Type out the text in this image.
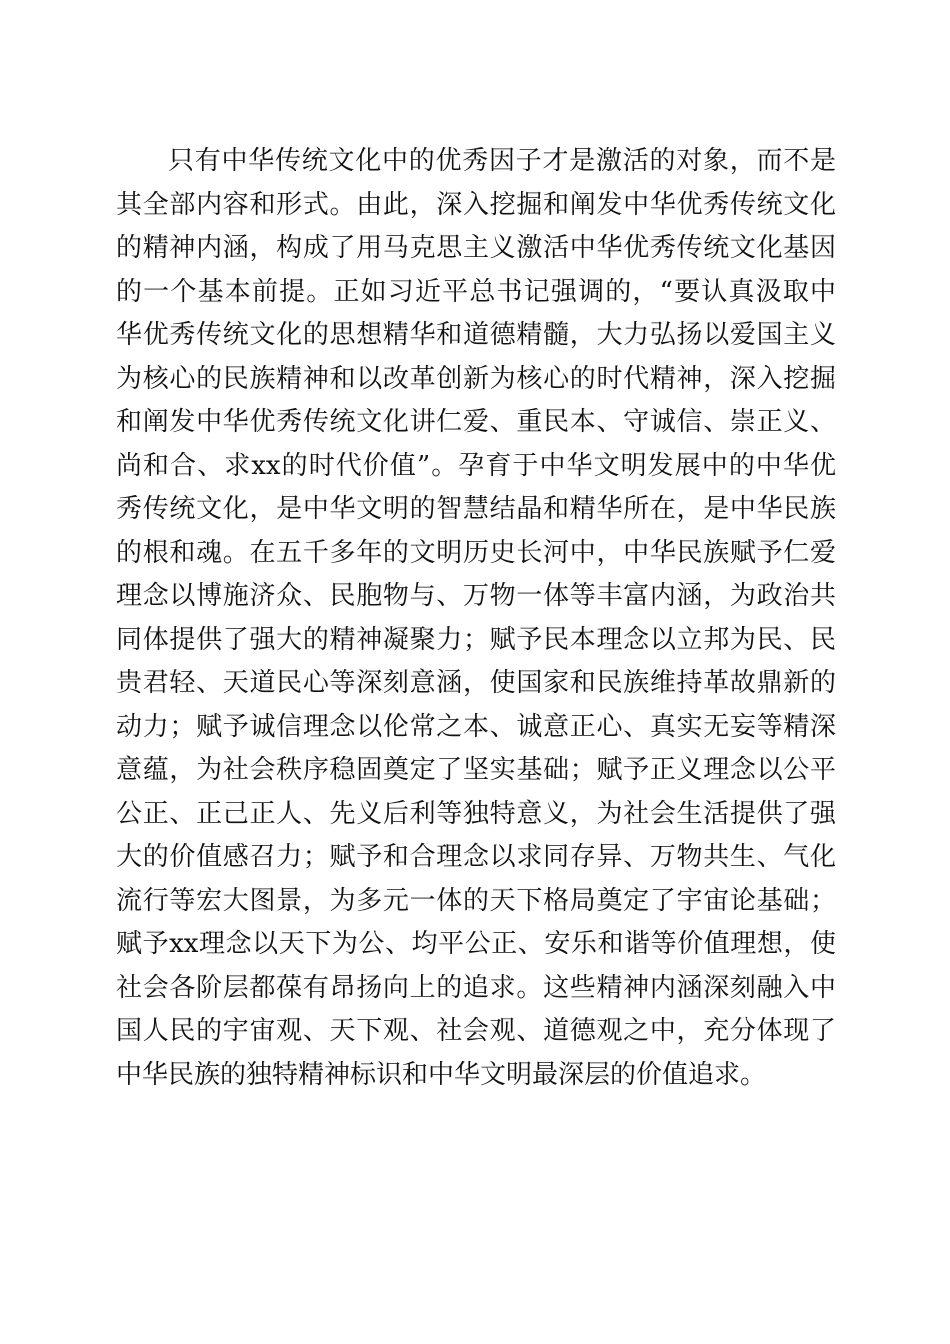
只有中华传统文化中的优秀因子才是激活的对象，而不是
其全部内容和形式。由此，深入挖掘和阐发中华优秀传统文化
的精神内涵，构成了用马克思主义激活中华优秀传统文化基因
的一个基本前提。正如习近平总书记强调的，“要认真汲取中
华优秀传统文化的思想精华和道德精髓，大力弘扬以爱国主义
为核心的民族精神和以改革创新为核心的时代精神，深入挖掘
和阐发中华优秀传统文化讲仁爱、重民本、守诚信、崇正义、
尚和合、求xx的时代价值”。孕育于中华文明发展中的中华优
秀传统文化，是中华文明的智慧结晶和精华所在，是中华民族
的根和魂。在五千多年的文明历史长河中，中华民族赋予仁爱
理念以博施济众、民胞物与、万物一体等丰富内涵，为政治共
同体提供了强大的精神凝聚力；赋予民本理念以立邦为民、民
贵君轻、天道民心等深刻意涵，使国家和民族维持革故鼎新的
动力；赋予诚信理念以伦常之本、诚意正心、真实无妄等精深
意蕴，为社会秩序稳固奠定了坚实基础；赋予正义理念以公平
公正、正己正人、先义后利等独特意义，为社会生活提供了强
大的价值感召力；赋予和合理念以求同存异、万物共生、气化
流行等宏大图景，为多元一体的天下格局奠定了宇宙论基础；
赋予xx理念以天下为公、均平公正、安乐和谐等价值理想，使
社会各阶层都葆有昂扬向上的追求。这些精神内涵深刻融入中
国人民的宇宙观、天下观、社会观、道德观之中，充分体现了
中华民族的独特精神标识和中华文明最深层的价值追求。
